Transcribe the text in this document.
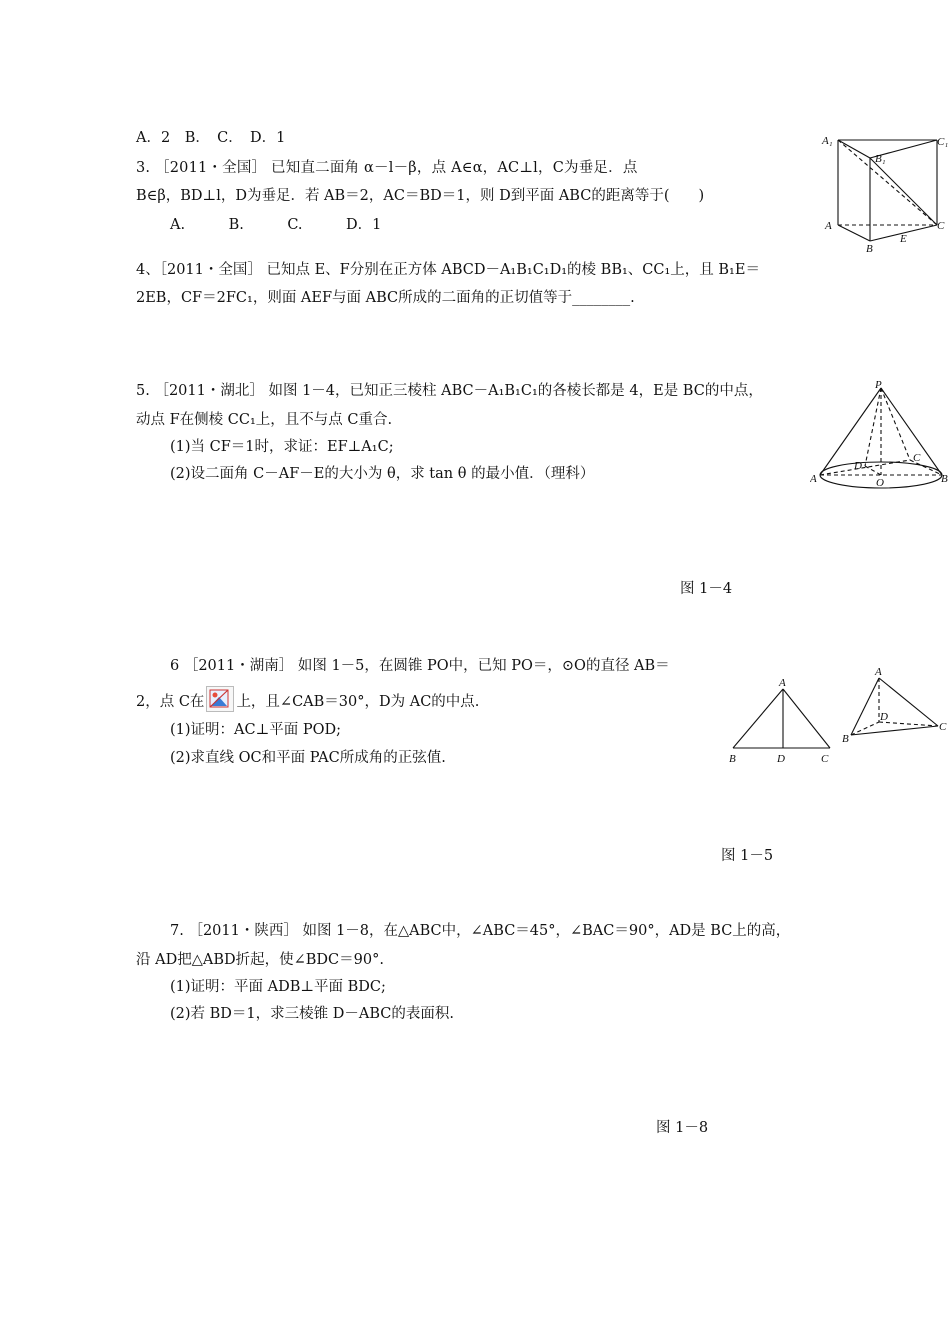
A．2　B．　C．　D．1
3. ［2011・全国］ 已知直二面角 α－l－β，点 A∈α，AC⊥l，C为垂足．点
B∈β，BD⊥l，D为垂足．若 AB＝2，AC＝BD＝1，则 D到平面 ABC的距离等于(　　)
A.　　　B.　　　C.　　　D．1
A₁	C₁
B₁
A	C
B
E
4、［2011・全国］ 已知点 E、F分别在正方体 ABCD－A₁B₁C₁D₁的棱 BB₁、CC₁上，且 B₁E＝
2EB，CF＝2FC₁，则面 AEF与面 ABC所成的二面角的正切值等于________.
5. ［2011・湖北］ 如图 1－4，已知正三棱柱 ABC－A₁B₁C₁的各棱长都是 4，E是 BC的中点，
动点 F在侧棱 CC₁上，且不与点 C重合.
(1)当 CF＝1时，求证：EF⊥A₁C;
(2)设二面角 C－AF－E的大小为 θ，求 tan θ 的最小值．（理科）
P
A	B
O
D
C
图 1－4
6 ［2011・湖南］ 如图 1－5，在圆锥 PO中，已知 PO＝，⊙O的直径 AB＝
2，点 C在 上，且∠CAB＝30°，D为 AC的中点.
(1)证明：AC⊥平面 POD;
(2)求直线 OC和平面 PAC所成角的正弦值.
A
B	D	C
A
B
C
D
图 1－5
7. ［2011・陕西］ 如图 1－8，在△ABC中，∠ABC＝45°，∠BAC＝90°，AD是 BC上的高，
沿 AD把△ABD折起，使∠BDC＝90°.
(1)证明：平面 ADB⊥平面 BDC;
(2)若 BD＝1，求三棱锥 D－ABC的表面积.
图 1－8
